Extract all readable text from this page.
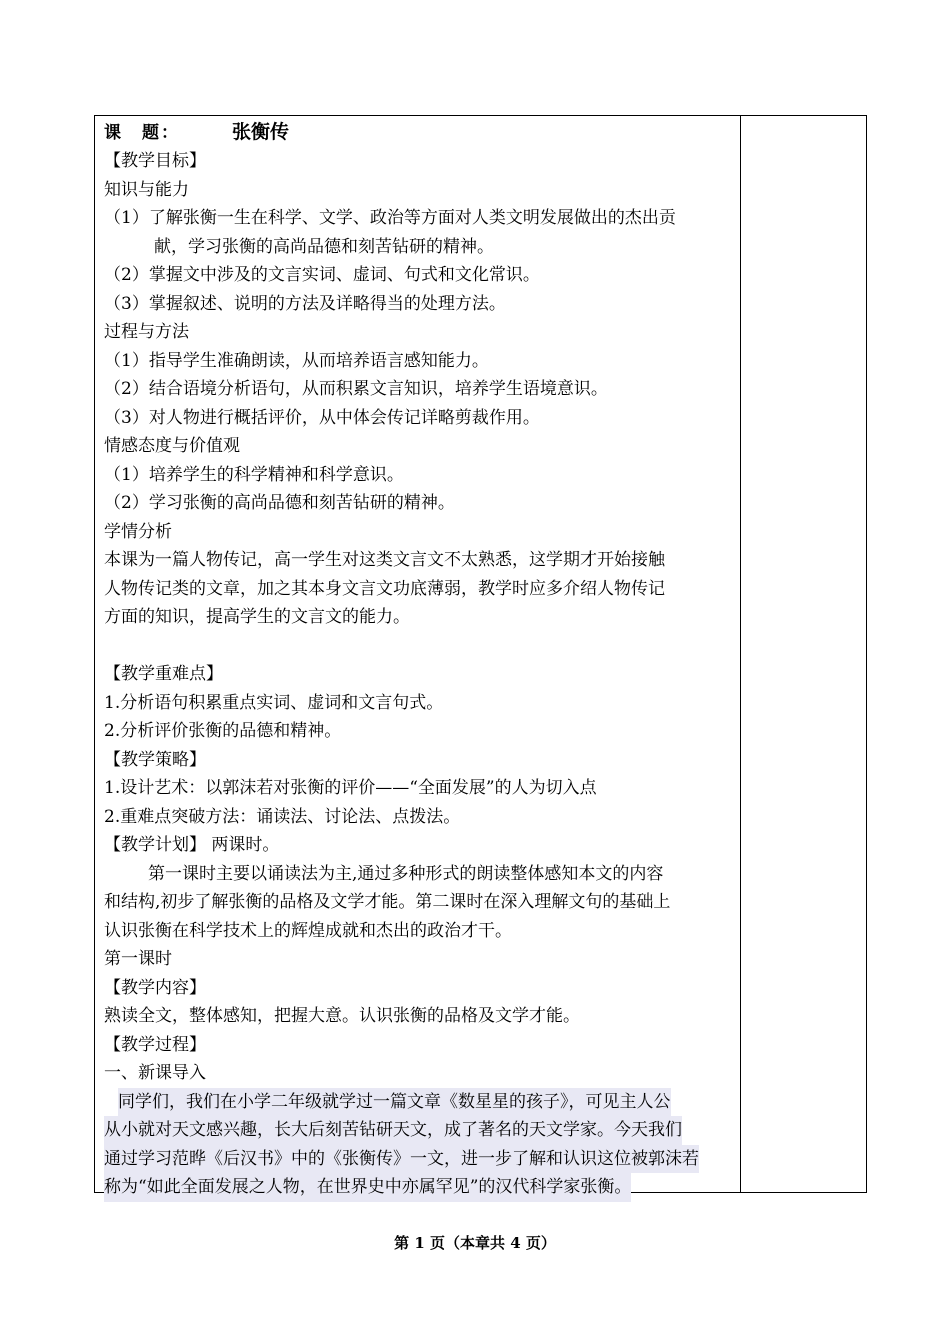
课　题：	张衡传
【教学目标】
知识与能力
（1）了解张衡一生在科学、文学、政治等方面对人类文明发展做出的杰出贡
献，学习张衡的高尚品德和刻苦钻研的精神。
（2）掌握文中涉及的文言实词、虚词、句式和文化常识。
（3）掌握叙述、说明的方法及详略得当的处理方法。
过程与方法
（1）指导学生准确朗读，从而培养语言感知能力。
（2）结合语境分析语句，从而积累文言知识，培养学生语境意识。
（3）对人物进行概括评价，从中体会传记详略剪裁作用。
情感态度与价值观
（1）培养学生的科学精神和科学意识。
（2）学习张衡的高尚品德和刻苦钻研的精神。
学情分析
本课为一篇人物传记，高一学生对这类文言文不太熟悉，这学期才开始接触
人物传记类的文章，加之其本身文言文功底薄弱，教学时应多介绍人物传记
方面的知识，提高学生的文言文的能力。
【教学重难点】
1.分析语句积累重点实词、虚词和文言句式。
2.分析评价张衡的品德和精神。
【教学策略】
1.设计艺术：以郭沫若对张衡的评价——“全面发展”的人为切入点
2.重难点突破方法：诵读法、讨论法、点拨法。
【教学计划】 两课时。
第一课时主要以诵读法为主,通过多种形式的朗读整体感知本文的内容
和结构,初步了解张衡的品格及文学才能。第二课时在深入理解文句的基础上
认识张衡在科学技术上的辉煌成就和杰出的政治才干。
第一课时
【教学内容】
熟读全文，整体感知，把握大意。认识张衡的品格及文学才能。
【教学过程】
一、新课导入
同学们，我们在小学二年级就学过一篇文章《数星星的孩子》，可见主人公
从小就对天文感兴趣，长大后刻苦钻研天文，成了著名的天文学家。今天我们
通过学习范晔《后汉书》中的《张衡传》一文，进一步了解和认识这位被郭沫若
称为“如此全面发展之人物，在世界史中亦属罕见”的汉代科学家张衡。
第 1 页（本章共 4 页）
